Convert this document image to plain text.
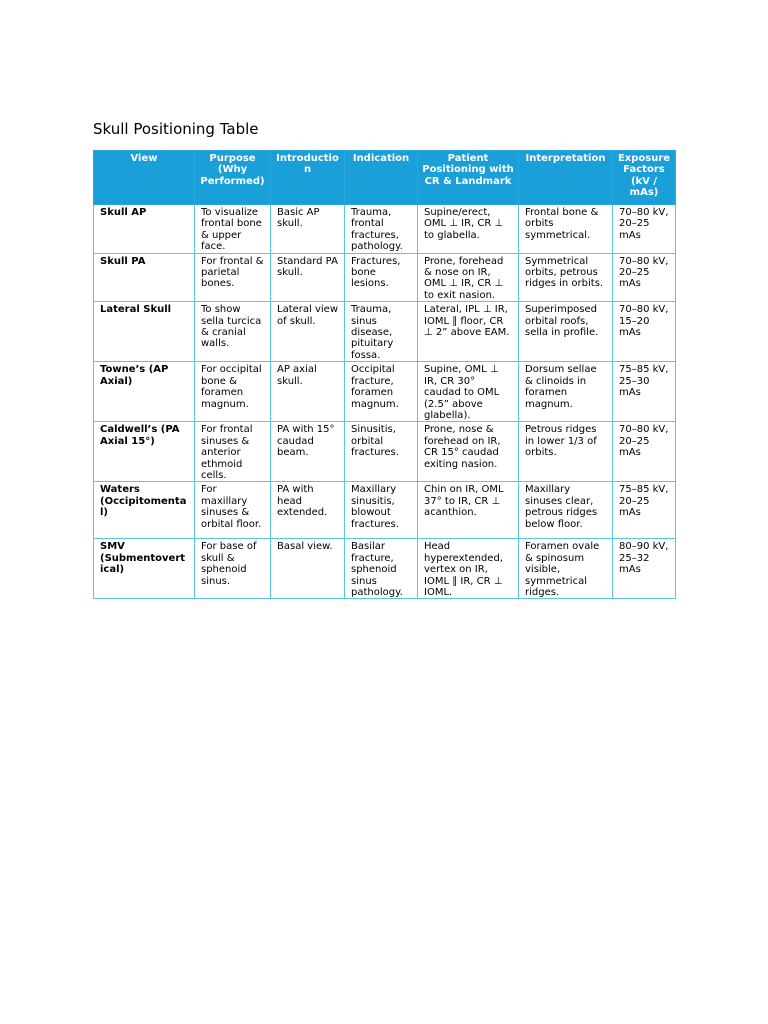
Skull Positioning Table
View	Purpose (Why Performed)	Introduction	Indication	Patient Positioning with CR & Landmark	Interpretation	Exposure Factors (kV / mAs)
Skull AP	To visualize frontal bone & upper face.	Basic AP skull.	Trauma, frontal fractures, pathology.	Supine/erect, OML ⊥ IR, CR ⊥ to glabella.	Frontal bone & orbits symmetrical.	70–80 kV, 20–25 mAs
Skull PA	For frontal & parietal bones.	Standard PA skull.	Fractures, bone lesions.	Prone, forehead & nose on IR, OML ⊥ IR, CR ⊥ to exit nasion.	Symmetrical orbits, petrous ridges in orbits.	70–80 kV, 20–25 mAs
Lateral Skull	To show sella turcica & cranial walls.	Lateral view of skull.	Trauma, sinus disease, pituitary fossa.	Lateral, IPL ⊥ IR, IOML ∥ floor, CR ⊥ 2” above EAM.	Superimposed orbital roofs, sella in profile.	70–80 kV, 15–20 mAs
Towne’s (AP Axial)	For occipital bone & foramen magnum.	AP axial skull.	Occipital fracture, foramen magnum.	Supine, OML ⊥ IR, CR 30° caudad to OML (2.5” above glabella).	Dorsum sellae & clinoids in foramen magnum.	75–85 kV, 25–30 mAs
Caldwell’s (PA Axial 15°)	For frontal sinuses & anterior ethmoid cells.	PA with 15° caudad beam.	Sinusitis, orbital fractures.	Prone, nose & forehead on IR, CR 15° caudad exiting nasion.	Petrous ridges in lower 1/3 of orbits.	70–80 kV, 20–25 mAs
Waters (Occipitomental)	For maxillary sinuses & orbital floor.	PA with head extended.	Maxillary sinusitis, blowout fractures.	Chin on IR, OML 37° to IR, CR ⊥ acanthion.	Maxillary sinuses clear, petrous ridges below floor.	75–85 kV, 20–25 mAs
SMV (Submentovertical)	For base of skull & sphenoid sinus.	Basal view.	Basilar fracture, sphenoid sinus pathology.	Head hyperextended, vertex on IR, IOML ∥ IR, CR ⊥ IOML.	Foramen ovale & spinosum visible, symmetrical ridges.	80–90 kV, 25–32 mAs
